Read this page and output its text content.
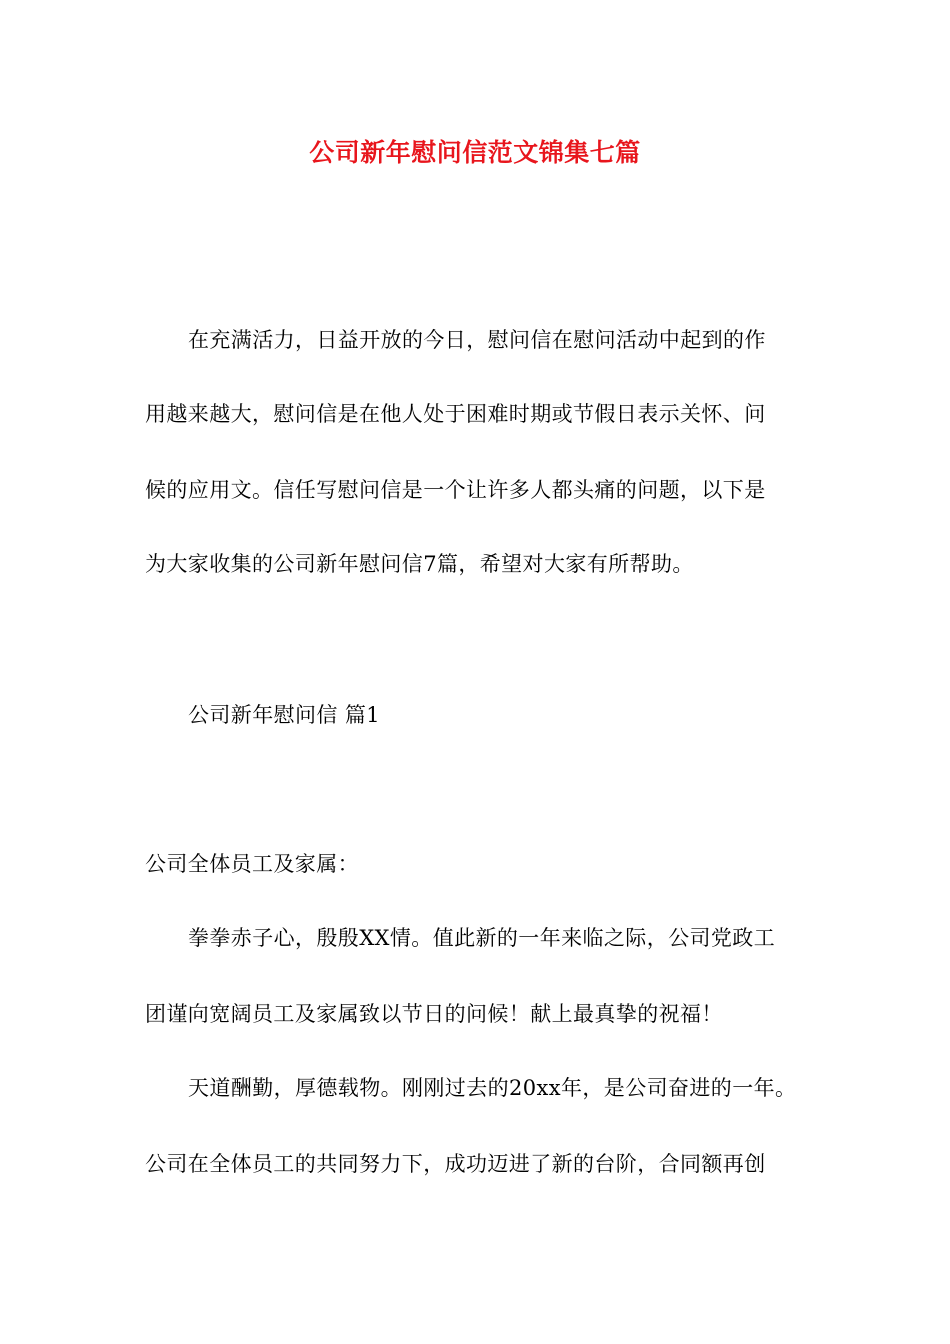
公司新年慰问信范文锦集七篇
在充满活力，日益开放的今日，慰问信在慰问活动中起到的作
用越来越大，慰问信是在他人处于困难时期或节假日表示关怀、问
候的应用文。信任写慰问信是一个让许多人都头痛的问题，以下是
为大家收集的公司新年慰问信7篇，希望对大家有所帮助。
公司新年慰问信 篇1
公司全体员工及家属：
拳拳赤子心，殷殷XX情。值此新的一年来临之际，公司党政工
团谨向宽阔员工及家属致以节日的问候！献上最真挚的祝福！
天道酬勤，厚德载物。刚刚过去的20xx年，是公司奋进的一年。
公司在全体员工的共同努力下，成功迈进了新的台阶，合同额再创
